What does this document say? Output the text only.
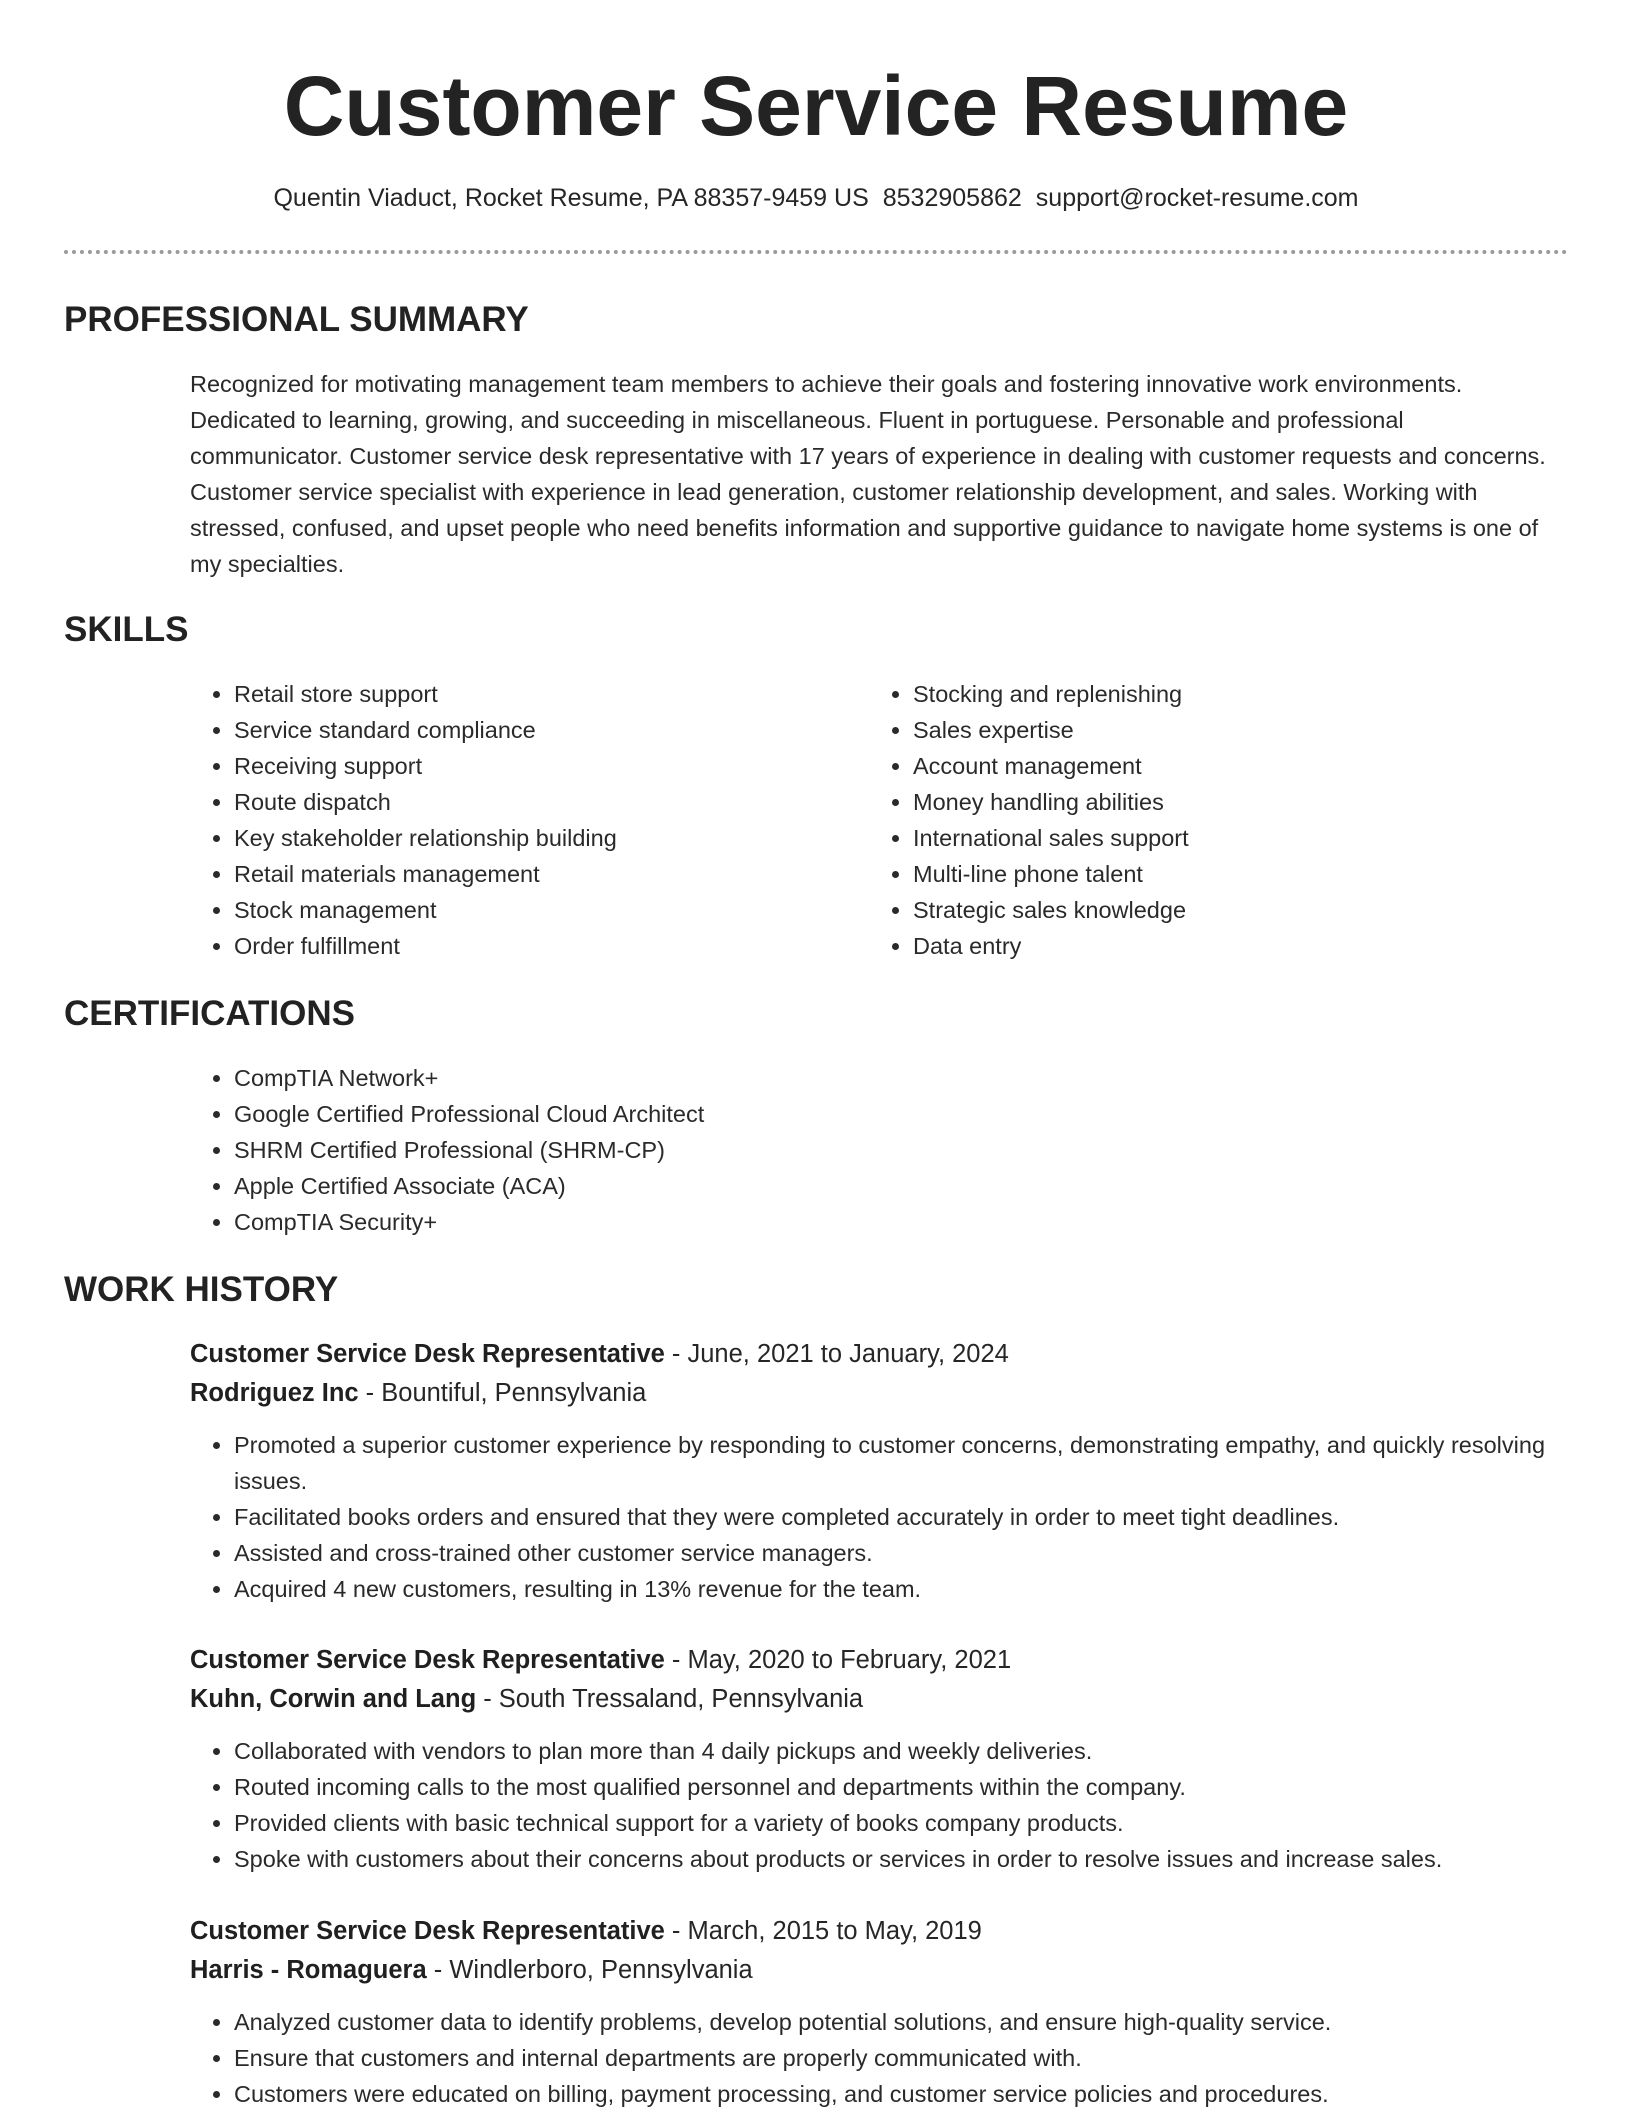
Customer Service Resume
Quentin Viaduct, Rocket Resume, PA 88357-9459 US 8532905862 support@rocket-resume.com
PROFESSIONAL SUMMARY

Recognized for motivating management team members to achieve their goals and fostering innovative work environments. Dedicated to learning, growing, and succeeding in miscellaneous. Fluent in portuguese. Personable and professional communicator. Customer service desk representative with 17 years of experience in dealing with customer requests and concerns. Customer service specialist with experience in lead generation, customer relationship development, and sales. Working with stressed, confused, and upset people who need benefits information and supportive guidance to navigate home systems is one of my specialties.

SKILLS
• Retail store support
• Service standard compliance
• Receiving support
• Route dispatch
• Key stakeholder relationship building
• Retail materials management
• Stock management
• Order fulfillment
• Stocking and replenishing
• Sales expertise
• Account management
• Money handling abilities
• International sales support
• Multi-line phone talent
• Strategic sales knowledge
• Data entry
CERTIFICATIONS
• CompTIA Network+
• Google Certified Professional Cloud Architect
• SHRM Certified Professional (SHRM-CP)
• Apple Certified Associate (ACA)
• CompTIA Security+
WORK HISTORY
Customer Service Desk Representative - June, 2021 to January, 2024
Rodriguez Inc - Bountiful, Pennsylvania
• Promoted a superior customer experience by responding to customer concerns, demonstrating empathy, and quickly resolving issues.
• Facilitated books orders and ensured that they were completed accurately in order to meet tight deadlines.
• Assisted and cross-trained other customer service managers.
• Acquired 4 new customers, resulting in 13% revenue for the team.
Customer Service Desk Representative - May, 2020 to February, 2021
Kuhn, Corwin and Lang - South Tressaland, Pennsylvania
• Collaborated with vendors to plan more than 4 daily pickups and weekly deliveries.
• Routed incoming calls to the most qualified personnel and departments within the company.
• Provided clients with basic technical support for a variety of books company products.
• Spoke with customers about their concerns about products or services in order to resolve issues and increase sales.
Customer Service Desk Representative - March, 2015 to May, 2019
Harris - Romaguera - Windlerboro, Pennsylvania
• Analyzed customer data to identify problems, develop potential solutions, and ensure high-quality service.
• Ensure that customers and internal departments are properly communicated with.
• Customers were educated on billing, payment processing, and customer service policies and procedures.
